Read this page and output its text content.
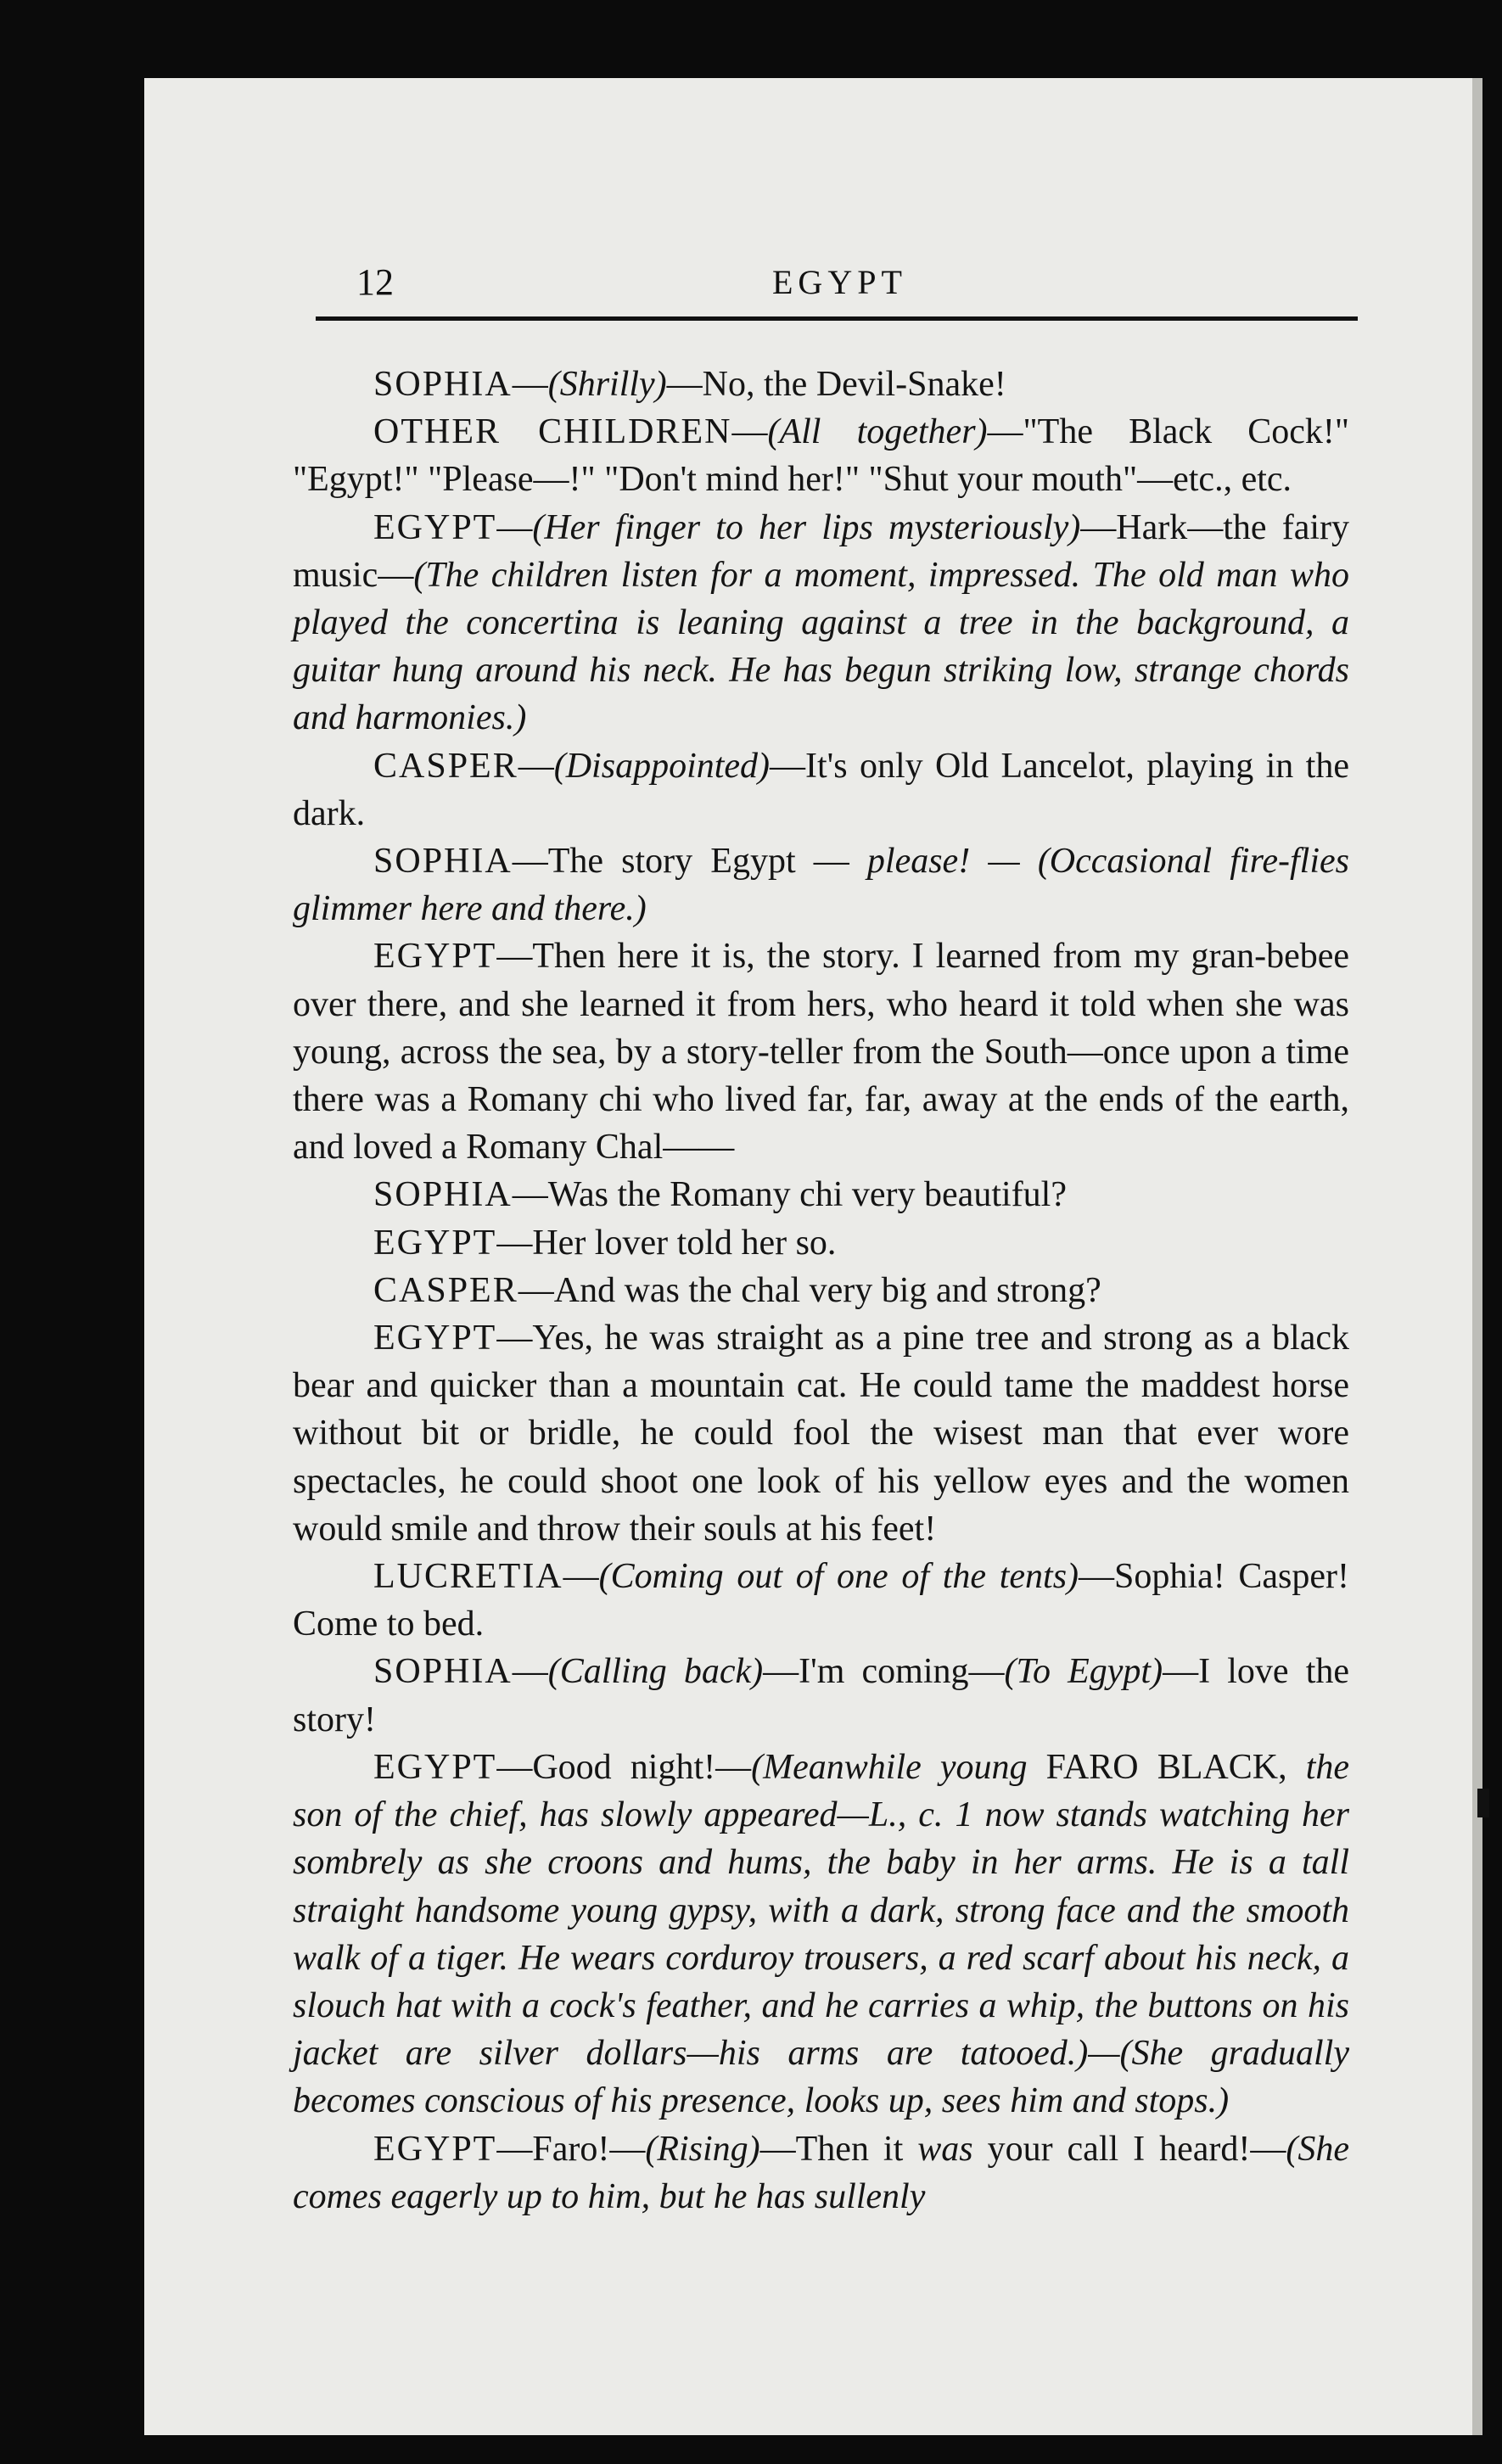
12	EGYPT

SOPHIA—(Shrilly)—No, the Devil-Snake!

OTHER CHILDREN—(All together)—"The Black Cock!" "Egypt!" "Please—!" "Don't mind her!" "Shut your mouth"—etc., etc.

EGYPT—(Her finger to her lips mysteriously)—Hark—the fairy music—(The children listen for a moment, impressed. The old man who played the concertina is leaning against a tree in the background, a guitar hung around his neck. He has begun striking low, strange chords and harmonies.)

CASPER—(Disappointed)—It's only Old Lancelot, playing in the dark.

SOPHIA—The story Egypt — please! — (Occasional fire-flies glimmer here and there.)

EGYPT—Then here it is, the story. I learned from my gran-bebee over there, and she learned it from hers, who heard it told when she was young, across the sea, by a story-teller from the South—once upon a time there was a Romany chi who lived far, far, away at the ends of the earth, and loved a Romany Chal——

SOPHIA—Was the Romany chi very beautiful?

EGYPT—Her lover told her so.

CASPER—And was the chal very big and strong?

EGYPT—Yes, he was straight as a pine tree and strong as a black bear and quicker than a mountain cat. He could tame the maddest horse without bit or bridle, he could fool the wisest man that ever wore spectacles, he could shoot one look of his yellow eyes and the women would smile and throw their souls at his feet!

LUCRETIA—(Coming out of one of the tents)—Sophia! Casper! Come to bed.

SOPHIA—(Calling back)—I'm coming—(To Egypt)—I love the story!

EGYPT—Good night!—(Meanwhile young FARO BLACK, the son of the chief, has slowly appeared—L., c. 1 now stands watching her sombrely as she croons and hums, the baby in her arms. He is a tall straight handsome young gypsy, with a dark, strong face and the smooth walk of a tiger. He wears corduroy trousers, a red scarf about his neck, a slouch hat with a cock's feather, and he carries a whip, the buttons on his jacket are silver dollars—his arms are tatooed.)—(She gradually becomes conscious of his presence, looks up, sees him and stops.)

EGYPT—Faro!—(Rising)—Then it was your call I heard!—(She comes eagerly up to him, but he has sullenly
